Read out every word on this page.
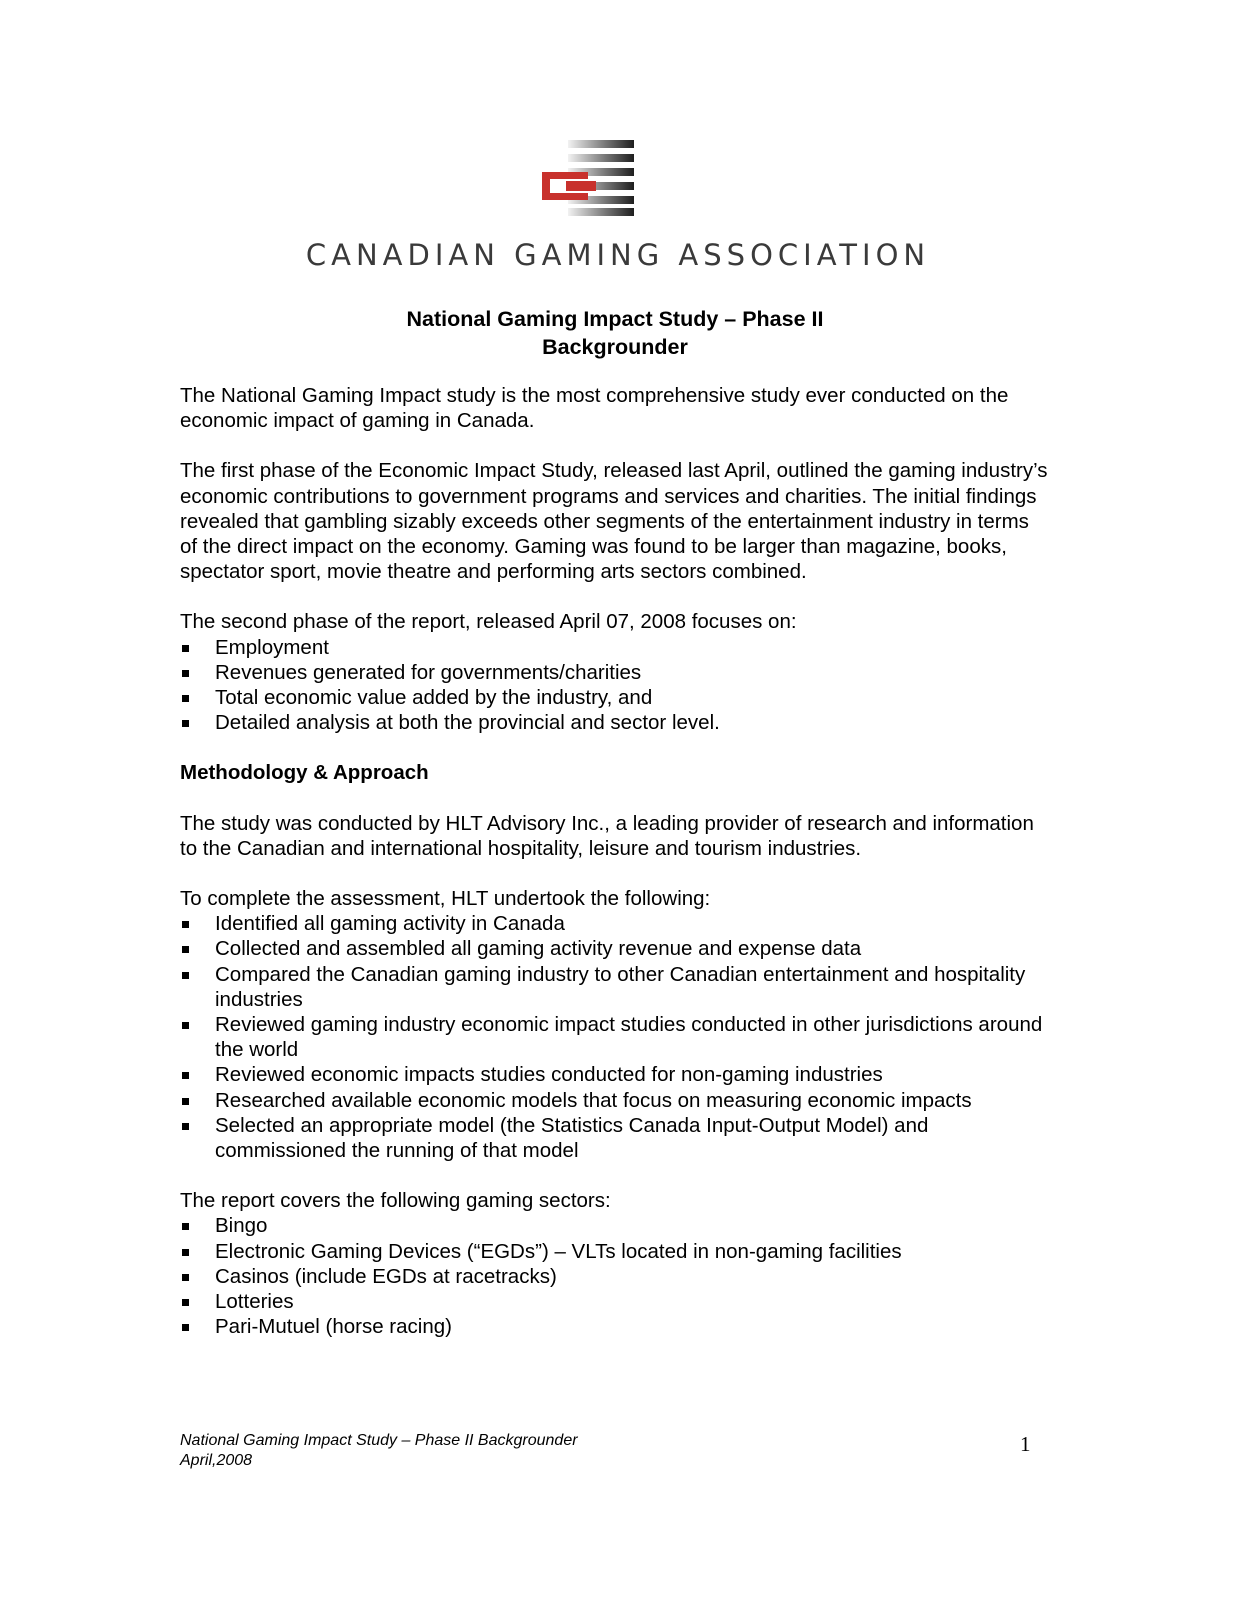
CANADIAN GAMING ASSOCIATION

National Gaming Impact Study – Phase II

Backgrounder

The National Gaming Impact study is the most comprehensive study ever conducted on the economic impact of gaming in Canada.

The first phase of the Economic Impact Study, released last April, outlined the gaming industry’s economic contributions to government programs and services and charities. The initial findings revealed that gambling sizably exceeds other segments of the entertainment industry in terms of the direct impact on the economy. Gaming was found to be larger than magazine, books, spectator sport, movie theatre and performing arts sectors combined.

The second phase of the report, released April 07, 2008 focuses on:

Employment
Revenues generated for governments/charities
Total economic value added by the industry, and
Detailed analysis at both the provincial and sector level.

Methodology & Approach

The study was conducted by HLT Advisory Inc., a leading provider of research and information to the Canadian and international hospitality, leisure and tourism industries.

To complete the assessment, HLT undertook the following:

Identified all gaming activity in Canada
Collected and assembled all gaming activity revenue and expense data
Compared the Canadian gaming industry to other Canadian entertainment and hospitality industries
Reviewed gaming industry economic impact studies conducted in other jurisdictions around the world
Reviewed economic impacts studies conducted for non-gaming industries
Researched available economic models that focus on measuring economic impacts
Selected an appropriate model (the Statistics Canada Input-Output Model) and commissioned the running of that model

The report covers the following gaming sectors:

Bingo
Electronic Gaming Devices (“EGDs”) – VLTs located in non-gaming facilities
Casinos (include EGDs at racetracks)
Lotteries
Pari-Mutuel (horse racing)
National Gaming Impact Study – Phase II Backgrounder
April,2008
1
